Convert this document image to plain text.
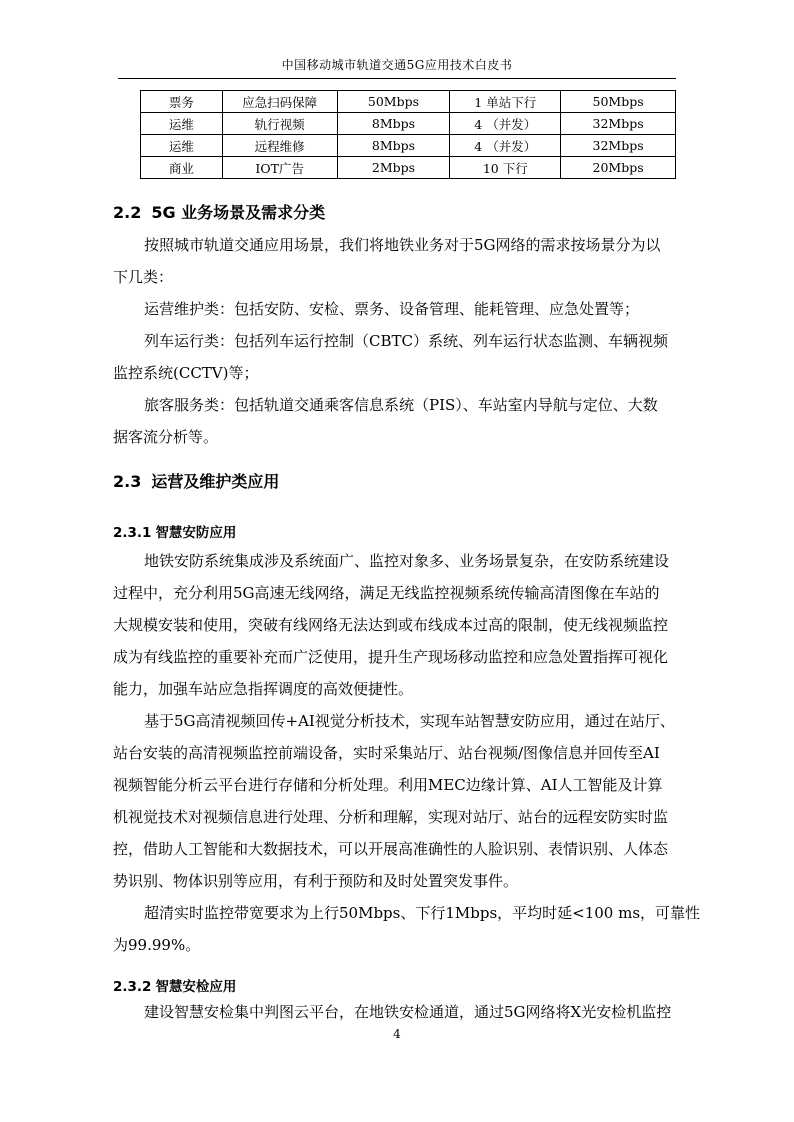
中国移动城市轨道交通5G应用技术白皮书
票务	应急扫码保障	50Mbps	1 单站下行	50Mbps
运维	轨行视频	8Mbps	4 （并发）	32Mbps
运维	远程维修	8Mbps	4 （并发）	32Mbps
商业	IOT广告	2Mbps	10 下行	20Mbps
2.2 5G 业务场景及需求分类
按照城市轨道交通应用场景，我们将地铁业务对于5G网络的需求按场景分为以
下几类：
运营维护类：包括安防、安检、票务、设备管理、能耗管理、应急处置等；
列车运行类：包括列车运行控制（CBTC）系统、列车运行状态监测、车辆视频
监控系统(CCTV)等；
旅客服务类：包括轨道交通乘客信息系统（PIS）、车站室内导航与定位、大数
据客流分析等。
2.3 运营及维护类应用
2.3.1 智慧安防应用
地铁安防系统集成涉及系统面广、监控对象多、业务场景复杂，在安防系统建设
过程中，充分利用5G高速无线网络，满足无线监控视频系统传输高清图像在车站的
大规模安装和使用，突破有线网络无法达到或布线成本过高的限制，使无线视频监控
成为有线监控的重要补充而广泛使用，提升生产现场移动监控和应急处置指挥可视化
能力，加强车站应急指挥调度的高效便捷性。
基于5G高清视频回传+AI视觉分析技术，实现车站智慧安防应用，通过在站厅、
站台安装的高清视频监控前端设备，实时采集站厅、站台视频/图像信息并回传至AI
视频智能分析云平台进行存储和分析处理。利用MEC边缘计算、AI人工智能及计算
机视觉技术对视频信息进行处理、分析和理解，实现对站厅、站台的远程安防实时监
控，借助人工智能和大数据技术，可以开展高准确性的人脸识别、表情识别、人体态
势识别、物体识别等应用，有利于预防和及时处置突发事件。
超清实时监控带宽要求为上行50Mbps、下行1Mbps，平均时延<100 ms，可靠性
为99.99%。
2.3.2 智慧安检应用
建设智慧安检集中判图云平台，在地铁安检通道，通过5G网络将X光安检机监控
4
